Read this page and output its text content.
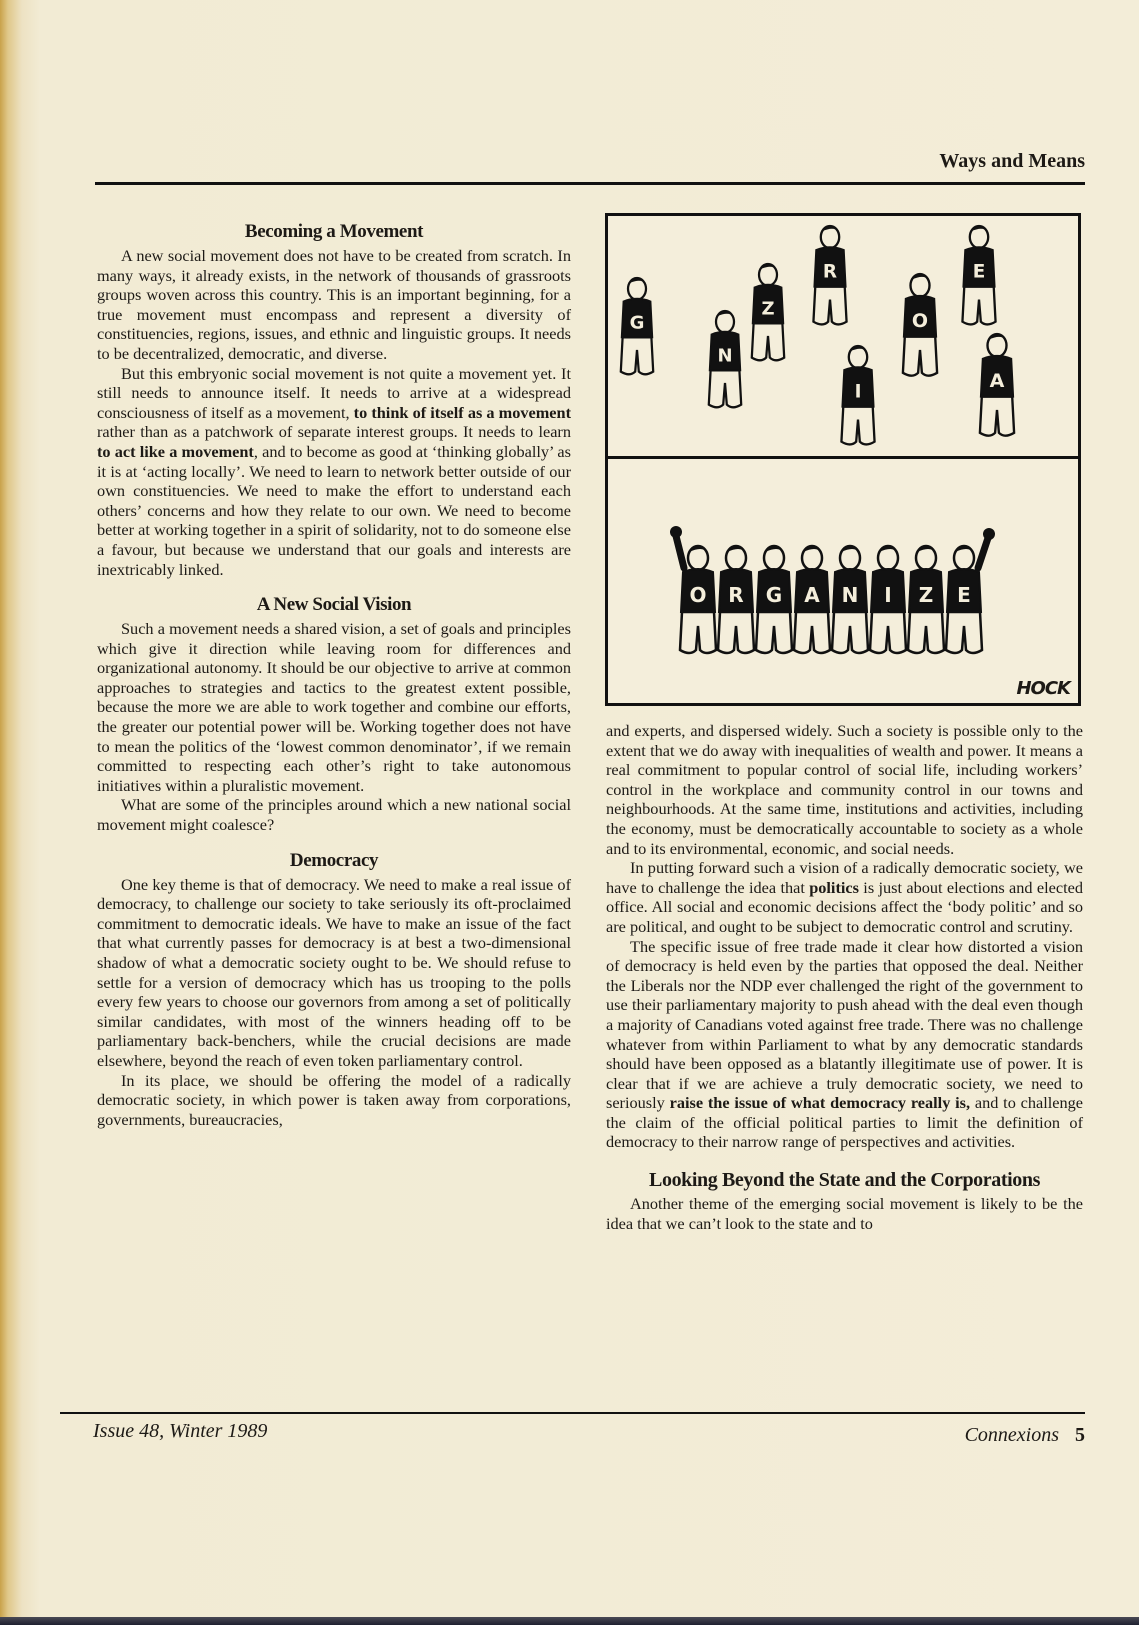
Ways and Means
Becoming a Movement

A new social movement does not have to be created from scratch. In many ways, it already exists, in the network of thousands of grassroots groups woven across this country. This is an important beginning, for a true movement must encompass and represent a diversity of constituencies, regions, issues, and ethnic and linguistic groups. It needs to be decentralized, democratic, and diverse.

But this embryonic social movement is not quite a movement yet. It still needs to announce itself. It needs to arrive at a widespread consciousness of itself as a movement, to think of itself as a movement rather than as a patchwork of separate interest groups. It needs to learn to act like a movement, and to become as good at ‘thinking globally’ as it is at ‘acting locally’. We need to learn to network better outside of our own constituencies. We need to make the effort to understand each others’ concerns and how they relate to our own. We need to become better at working together in a spirit of solidarity, not to do someone else a favour, but because we understand that our goals and interests are inextricably linked.

A New Social Vision

Such a movement needs a shared vision, a set of goals and principles which give it direction while leaving room for differences and organizational autonomy. It should be our objective to arrive at common approaches to strategies and tactics to the greatest extent possible, because the more we are able to work together and combine our efforts, the greater our potential power will be. Working together does not have to mean the politics of the ‘lowest common denominator’, if we remain committed to respecting each other’s right to take autonomous initiatives within a pluralistic movement.

What are some of the principles around which a new national social movement might coalesce?

Democracy

One key theme is that of democracy. We need to make a real issue of democracy, to challenge our society to take seriously its oft-proclaimed commitment to democratic ideals. We have to make an issue of the fact that what currently passes for democracy is at best a two-dimensional shadow of what a democratic society ought to be. We should refuse to settle for a version of democracy which has us trooping to the polls every few years to choose our governors from among a set of politically similar candidates, with most of the winners heading off to be parliamentary back-benchers, while the crucial decisions are made elsewhere, beyond the reach of even token parliamentary control.

In its place, we should be offering the model of a radically democratic society, in which power is taken away from corporations, governments, bureaucracies,

G
N
Z
R
I
O
E
A
O R G A N I Z E
HOCK

and experts, and dispersed widely. Such a society is possible only to the extent that we do away with inequalities of wealth and power. It means a real commitment to popular control of social life, including workers’ control in the workplace and community control in our towns and neighbourhoods. At the same time, institutions and activities, including the economy, must be democratically accountable to society as a whole and to its environmental, economic, and social needs.

In putting forward such a vision of a radically democratic society, we have to challenge the idea that politics is just about elections and elected office. All social and economic decisions affect the ‘body politic’ and so are political, and ought to be subject to democratic control and scrutiny.

The specific issue of free trade made it clear how distorted a vision of democracy is held even by the parties that opposed the deal. Neither the Liberals nor the NDP ever challenged the right of the government to use their parliamentary majority to push ahead with the deal even though a majority of Canadians voted against free trade. There was no challenge whatever from within Parliament to what by any democratic standards should have been opposed as a blatantly illegitimate use of power. It is clear that if we are achieve a truly democratic society, we need to seriously raise the issue of what democracy really is, and to challenge the claim of the official political parties to limit the definition of democracy to their narrow range of perspectives and activities.

Looking Beyond the State and the Corporations

Another theme of the emerging social movement is likely to be the idea that we can’t look to the state and to

Issue 48, Winter 1989	Connexions 5
